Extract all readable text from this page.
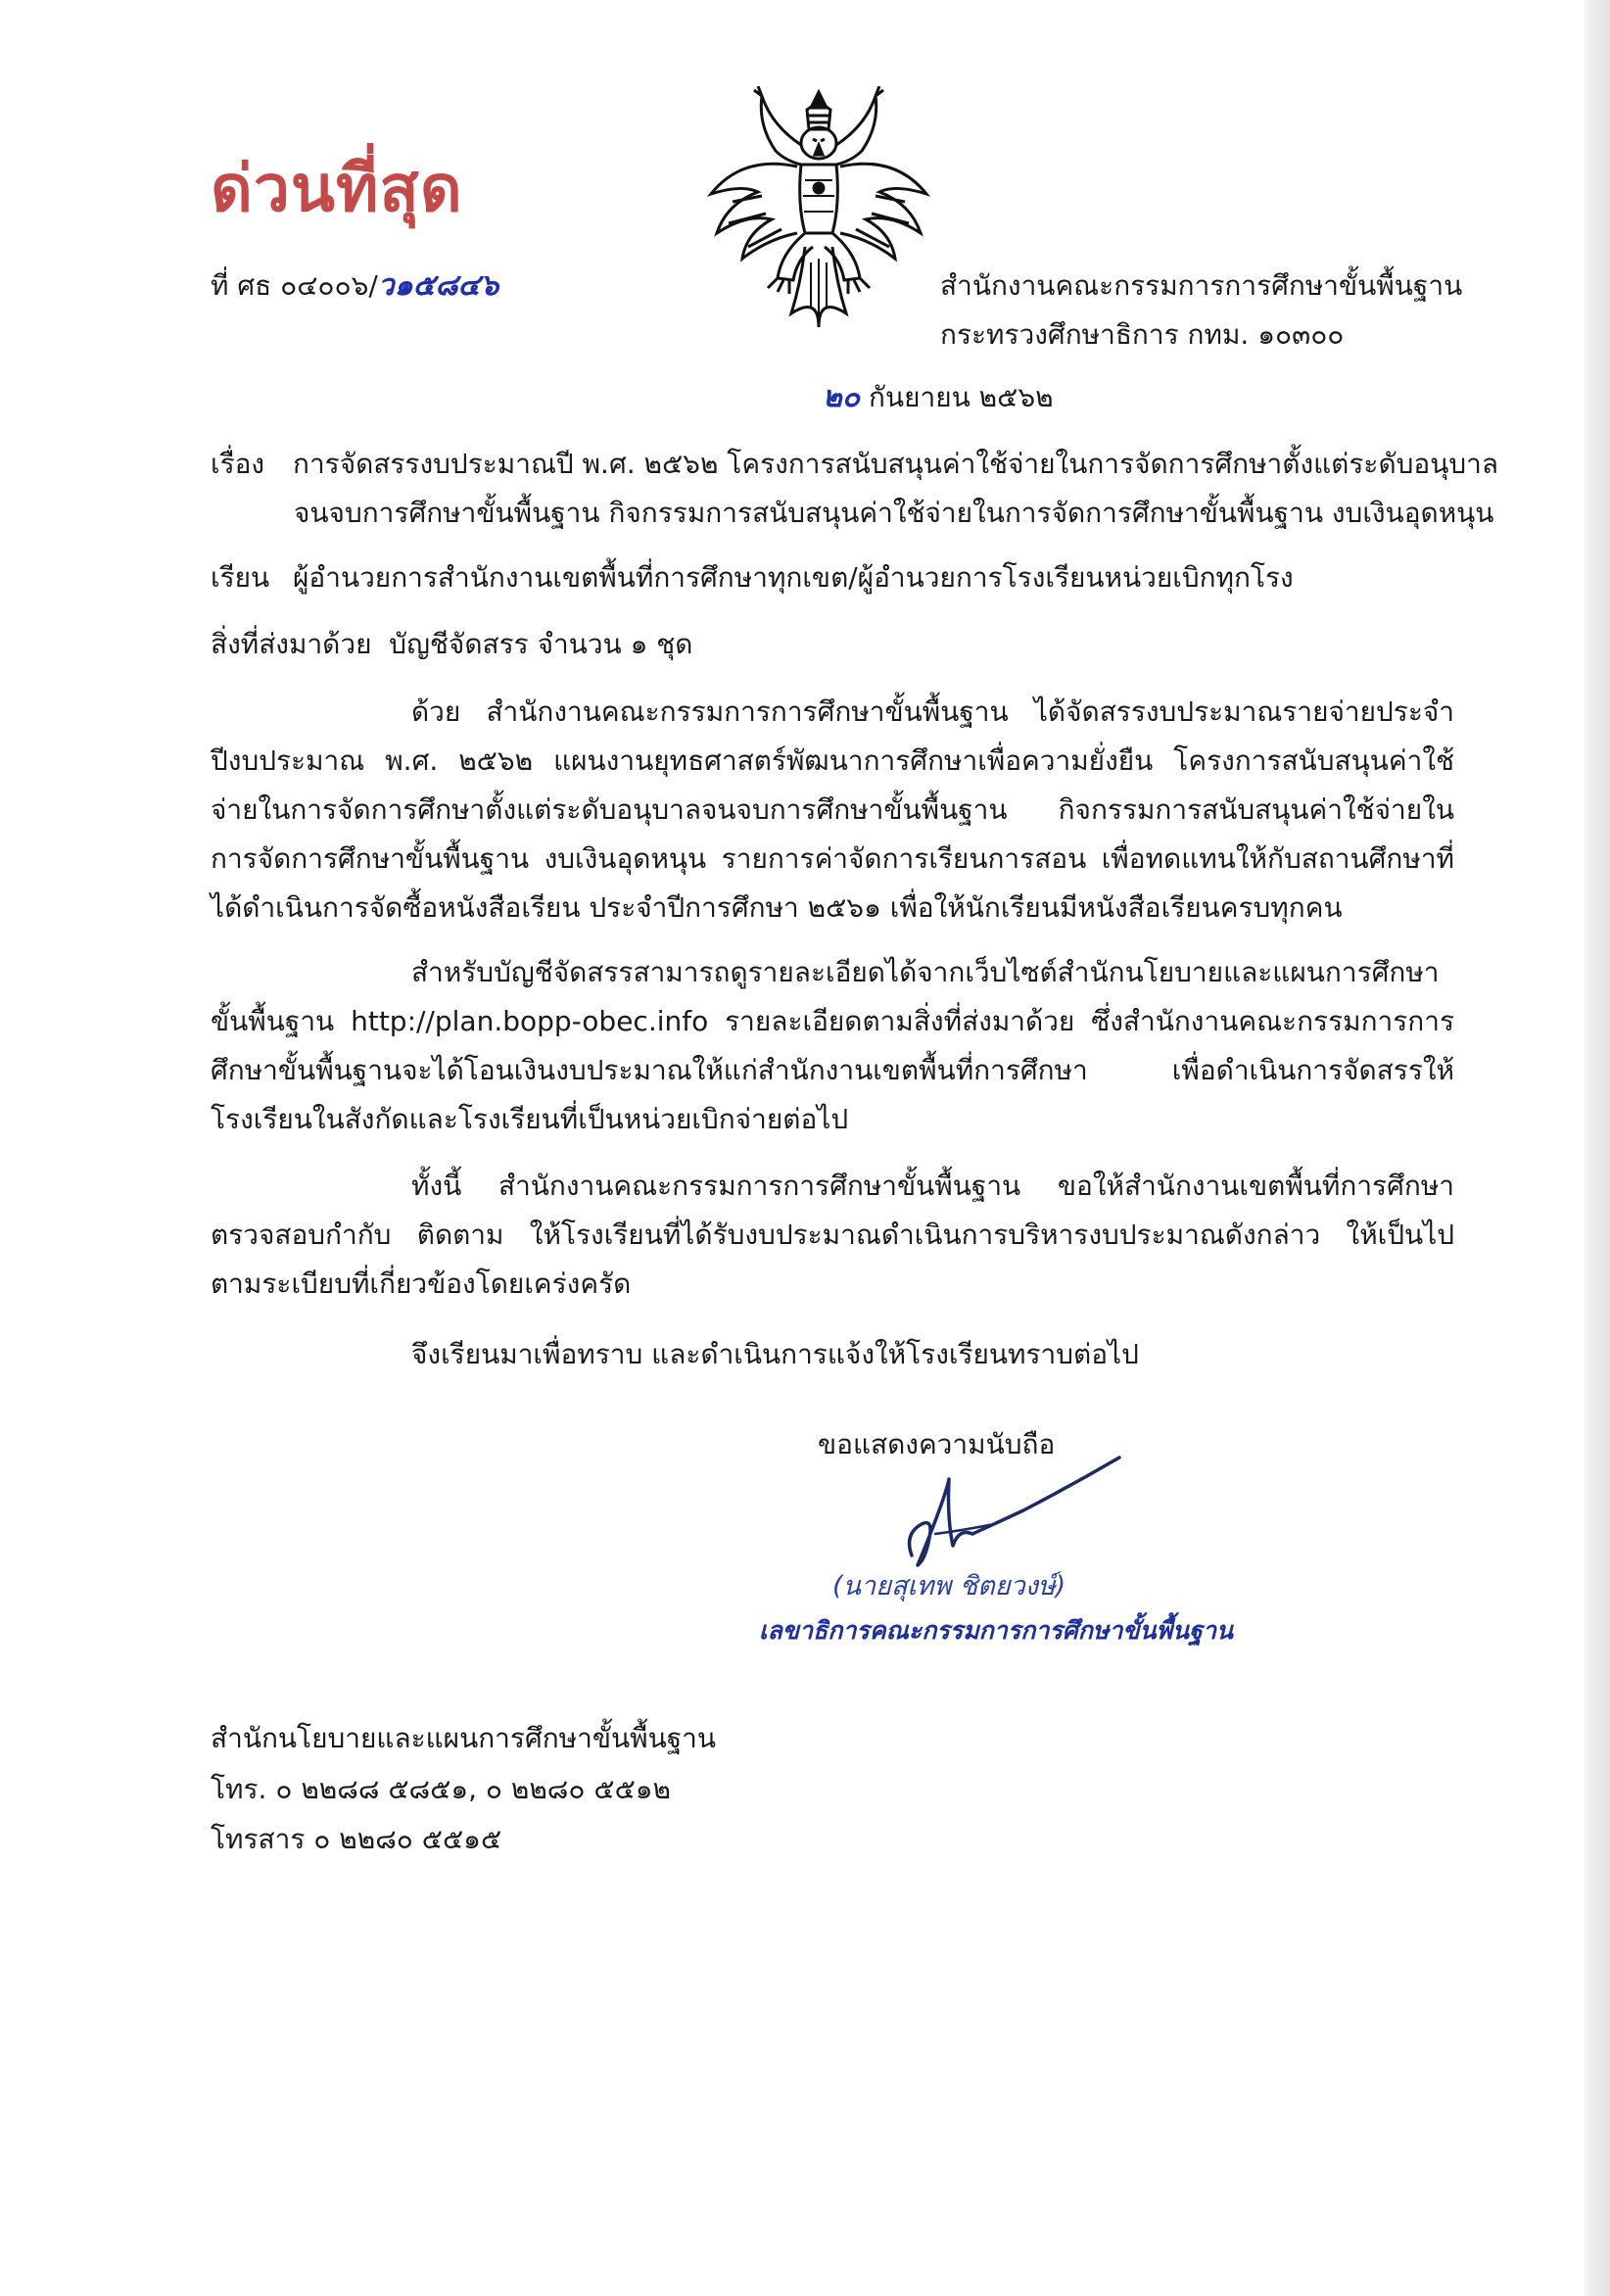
ด่วนที่สุด
ที่ ศธ ๐๔๐๐๖/ว๑๕๘๔๖	สำนักงานคณะกรรมการการศึกษาขั้นพื้นฐาน
กระทรวงศึกษาธิการ กทม. ๑๐๓๐๐
๒๐ กันยายน ๒๕๖๒
เรื่อง การจัดสรรงบประมาณปี พ.ศ. ๒๕๖๒ โครงการสนับสนุนค่าใช้จ่ายในการจัดการศึกษาตั้งแต่ระดับอนุบาล
จนจบการศึกษาขั้นพื้นฐาน กิจกรรมการสนับสนุนค่าใช้จ่ายในการจัดการศึกษาขั้นพื้นฐาน งบเงินอุดหนุน
เรียน ผู้อำนวยการสำนักงานเขตพื้นที่การศึกษาทุกเขต/ผู้อำนวยการโรงเรียนหน่วยเบิกทุกโรง
สิ่งที่ส่งมาด้วย บัญชีจัดสรร จำนวน ๑ ชุด
ด้วย สำนักงานคณะกรรมการการศึกษาขั้นพื้นฐาน ได้จัดสรรงบประมาณรายจ่ายประจำปีงบประมาณ พ.ศ. ๒๕๖๒ แผนงานยุทธศาสตร์พัฒนาการศึกษาเพื่อความยั่งยืน โครงการสนับสนุนค่าใช้จ่ายในการจัดการศึกษาตั้งแต่ระดับอนุบาลจนจบการศึกษาขั้นพื้นฐาน กิจกรรมการสนับสนุนค่าใช้จ่ายในการจัดการศึกษาขั้นพื้นฐาน งบเงินอุดหนุน รายการค่าจัดการเรียนการสอน เพื่อทดแทนให้กับสถานศึกษาที่ได้ดำเนินการจัดซื้อหนังสือเรียน ประจำปีการศึกษา ๒๕๖๑ เพื่อให้นักเรียนมีหนังสือเรียนครบทุกคน
สำหรับบัญชีจัดสรรสามารถดูรายละเอียดได้จากเว็บไซต์สำนักนโยบายและแผนการศึกษาขั้นพื้นฐาน http://plan.bopp-obec.info รายละเอียดตามสิ่งที่ส่งมาด้วย ซึ่งสำนักงานคณะกรรมการการศึกษาขั้นพื้นฐานจะได้โอนเงินงบประมาณให้แก่สำนักงานเขตพื้นที่การศึกษา เพื่อดำเนินการจัดสรรให้โรงเรียนในสังกัดและโรงเรียนที่เป็นหน่วยเบิกจ่ายต่อไป
ทั้งนี้ สำนักงานคณะกรรมการการศึกษาขั้นพื้นฐาน ขอให้สำนักงานเขตพื้นที่การศึกษาตรวจสอบกำกับ ติดตาม ให้โรงเรียนที่ได้รับงบประมาณดำเนินการบริหารงบประมาณดังกล่าว ให้เป็นไปตามระเบียบที่เกี่ยวข้องโดยเคร่งครัด
จึงเรียนมาเพื่อทราบ และดำเนินการแจ้งให้โรงเรียนทราบต่อไป
ขอแสดงความนับถือ
(นายสุเทพ ชิตยวงษ์)
เลขาธิการคณะกรรมการการศึกษาขั้นพื้นฐาน
สำนักนโยบายและแผนการศึกษาขั้นพื้นฐาน
โทร. ๐ ๒๒๘๘ ๕๘๕๑, ๐ ๒๒๘๐ ๕๕๑๒
โทรสาร ๐ ๒๒๘๐ ๕๕๑๕
